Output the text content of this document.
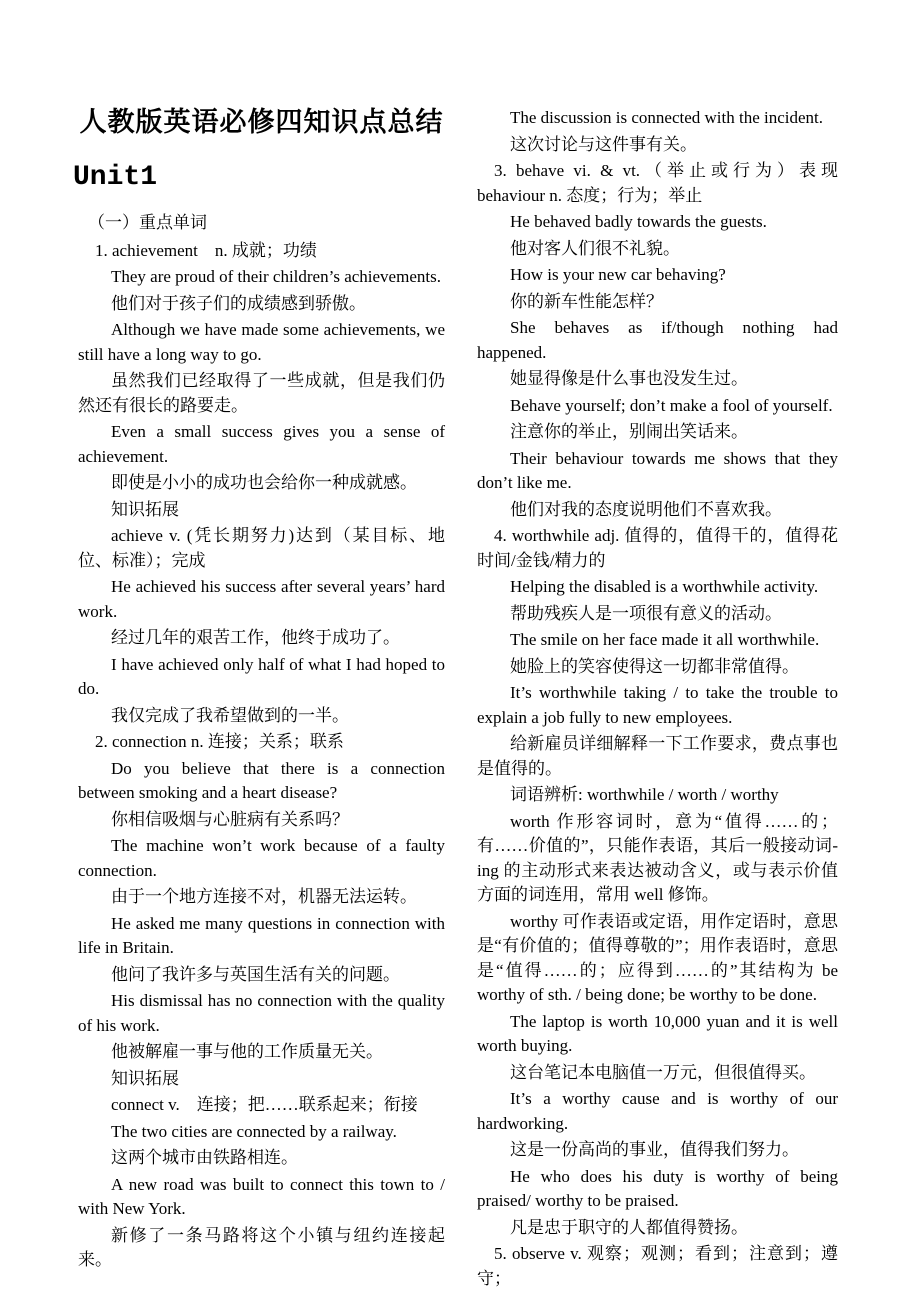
人教版英语必修四知识点总结

Unit1

（一）重点单词

1. achievement　n. 成就；功绩

They are proud of their children’s achievements.

他们对于孩子们的成绩感到骄傲。

Although we have made some achievements, we still have a long way to go.

虽然我们已经取得了一些成就，但是我们仍然还有很长的路要走。

Even a small success gives you a sense of achievement.

即使是小小的成功也会给你一种成就感。

知识拓展

achieve v. (凭长期努力)达到（某目标、地位、标准）；完成

He achieved his success after several years’ hard work.

经过几年的艰苦工作，他终于成功了。

I have achieved only half of what I had hoped to do.

我仅完成了我希望做到的一半。

2. connection n. 连接；关系；联系

Do you believe that there is a connection between smoking and a heart disease?

你相信吸烟与心脏病有关系吗？

The machine won’t work because of a faulty connection.

由于一个地方连接不对，机器无法运转。

He asked me many questions in connection with life in Britain.

他问了我许多与英国生活有关的问题。

His dismissal has no connection with the quality of his work.

他被解雇一事与他的工作质量无关。

知识拓展

connect v.　连接；把……联系起来；衔接

The two cities are connected by a railway.

这两个城市由铁路相连。

A new road was built to connect this town to / with New York.

新修了一条马路将这个小镇与纽约连接起来。

The discussion is connected with the incident.

这次讨论与这件事有关。

3. behave vi. & vt.（举止或行为）表现 behaviour n. 态度；行为；举止

He behaved badly towards the guests.

他对客人们很不礼貌。

How is your new car behaving?

你的新车性能怎样？

She behaves as if/though nothing had happened.

她显得像是什么事也没发生过。

Behave yourself; don’t make a fool of yourself.

注意你的举止，别闹出笑话来。

Their behaviour towards me shows that they don’t like me.

他们对我的态度说明他们不喜欢我。

4. worthwhile adj. 值得的，值得干的，值得花时间/金钱/精力的

Helping the disabled is a worthwhile activity.

帮助残疾人是一项很有意义的活动。

The smile on her face made it all worthwhile.

她脸上的笑容使得这一切都非常值得。

It’s worthwhile taking / to take the trouble to explain a job fully to new employees.

给新雇员详细解释一下工作要求，费点事也是值得的。

词语辨析: worthwhile / worth / worthy

worth 作形容词时，意为“值得……的；有……价值的”，只能作表语，其后一般接动词-ing 的主动形式来表达被动含义，或与表示价值方面的词连用，常用 well 修饰。

worthy 可作表语或定语，用作定语时，意思是“有价值的；值得尊敬的”；用作表语时，意思是“值得……的；应得到……的”其结构为 be worthy of sth. / being done; be worthy to be done.

The laptop is worth 10,000 yuan and it is well worth buying.

这台笔记本电脑值一万元，但很值得买。

It’s a worthy cause and is worthy of our hardworking.

这是一份高尚的事业，值得我们努力。

He who does his duty is worthy of being praised/ worthy to be praised.

凡是忠于职守的人都值得赞扬。

5. observe v. 观察；观测；看到；注意到；遵守；
